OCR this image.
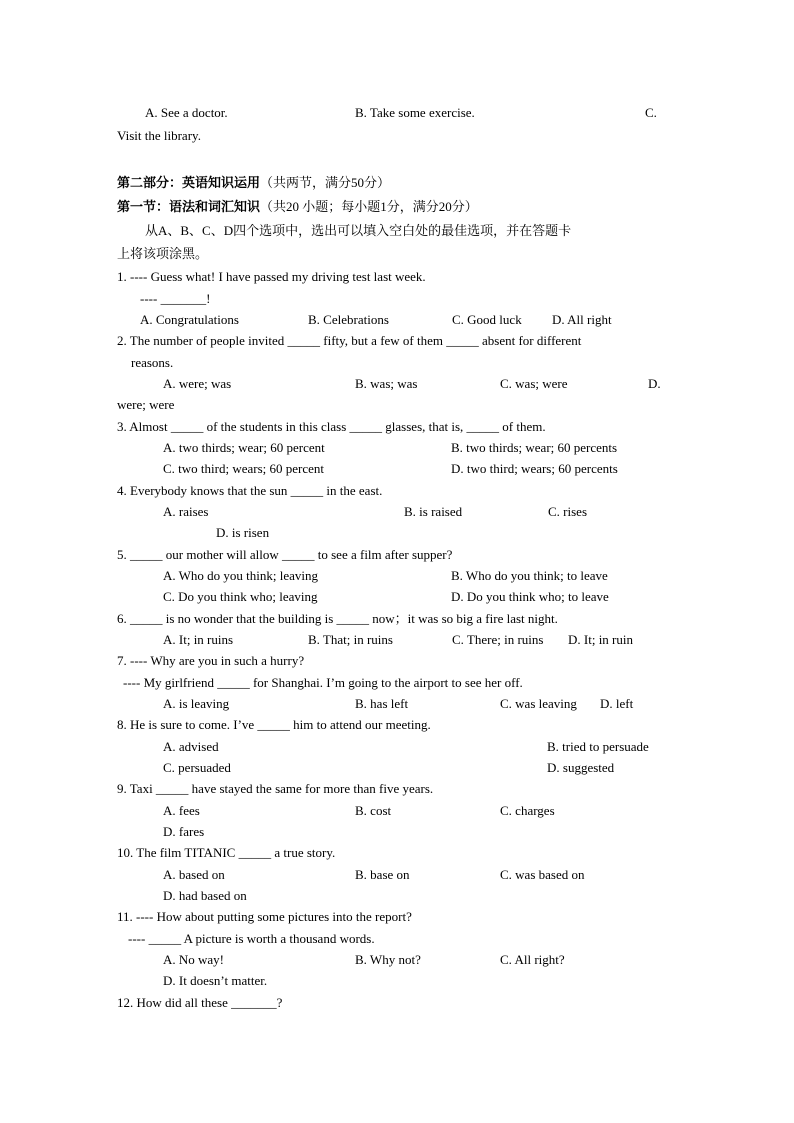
A. See a doctor.	B. Take some exercise.	C.
Visit the library.
第二部分：英语知识运用（共两节，满分50分）
第一节：语法和词汇知识（共20 小题；每小题1分，满分20分）
从A、B、C、D四个选项中，选出可以填入空白处的最佳选项，并在答题卡
上将该项涂黑。
1. ---- Guess what! I have passed my driving test last week.
---- _______!
A. Congratulations	B. Celebrations	C. Good luck D. All right
2. The number of people invited _____ fifty, but a few of them _____ absent for different
reasons.
A. were; was	B. was; was	C. was; were	D.
were; were
3. Almost _____ of the students in this class _____ glasses, that is, _____ of them.
A. two thirds; wear; 60 percent	B. two thirds; wear; 60 percents
C. two third; wears; 60 percent	D. two third; wears; 60 percents
4. Everybody knows that the sun _____ in the east.
A. raises	B. is raised	C. rises
D. is risen
5. _____ our mother will allow _____ to see a film after supper?
A. Who do you think; leaving	B. Who do you think; to leave
C. Do you think who; leaving	D. Do you think who; to leave
6. _____ is no wonder that the building is _____ now；it was so big a fire last night.
A. It; in ruins	B. That; in ruins	C. There; in ruins D. It; in ruin
7. ---- Why are you in such a hurry?
---- My girlfriend _____ for Shanghai. I’m going to the airport to see her off.
A. is leaving	B. has left	C. was leaving D. left
8. He is sure to come. I’ve _____ him to attend our meeting.
A. advised	B. tried to persuade
C. persuaded	D. suggested
9. Taxi _____ have stayed the same for more than five years.
A. fees	B. cost	C. charges
D. fares
10. The film TITANIC _____ a true story.
A. based on	B. base on	C. was based on
D. had based on
11. ---- How about putting some pictures into the report?
---- _____ A picture is worth a thousand words.
A. No way!	B. Why not?	C. All right?
D. It doesn’t matter.
12. How did all these _______?
